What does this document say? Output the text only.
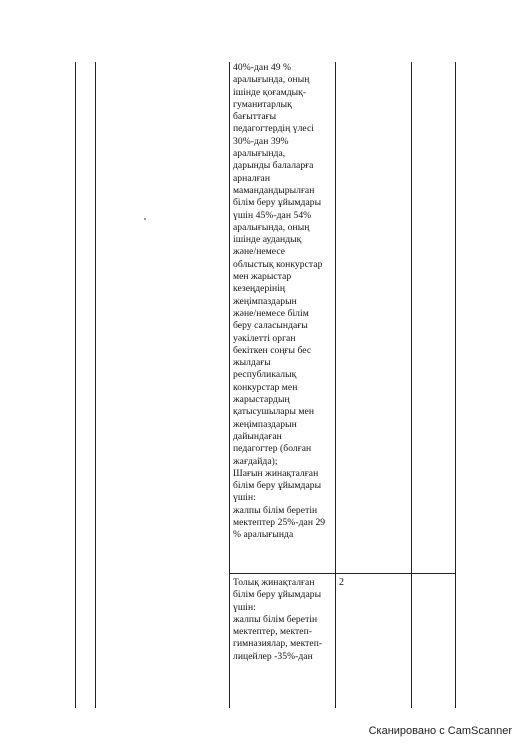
40%-дан 49 %
аралығында, оның
ішінде қоғамдық-
гуманитарлық
бағыттағы
педагогтердің үлесі
30%-дан 39%
аралығында,
дарынды балаларға
арналған
мамандандырылған
білім беру ұйымдары
үшін 45%-дан 54%
аралығында, оның
ішінде аудандық
және/немесе
облыстық конкурстар
мен жарыстар
кезеңдерінің
жеңімпаздарын
және/немесе білім
беру саласындағы
уәкілетті орган
бекіткен соңғы бес
жылдағы
республикалық
конкурстар мен
жарыстардың
қатысушылары мен
жеңімпаздарын
дайындаған
педагогтер (болған
жағдайда);
Шағын жинақталған
білім беру ұйымдары
үшін:
жалпы білім беретін
мектептер 25%-дан 29
% аралығында
Толық жинақталған
білім беру ұйымдары
үшін:
жалпы білім беретін
мектептер, мектеп-
гимназиялар, мектеп-
лицейлер -35%-дан
2
Сканировано с CamScanner
